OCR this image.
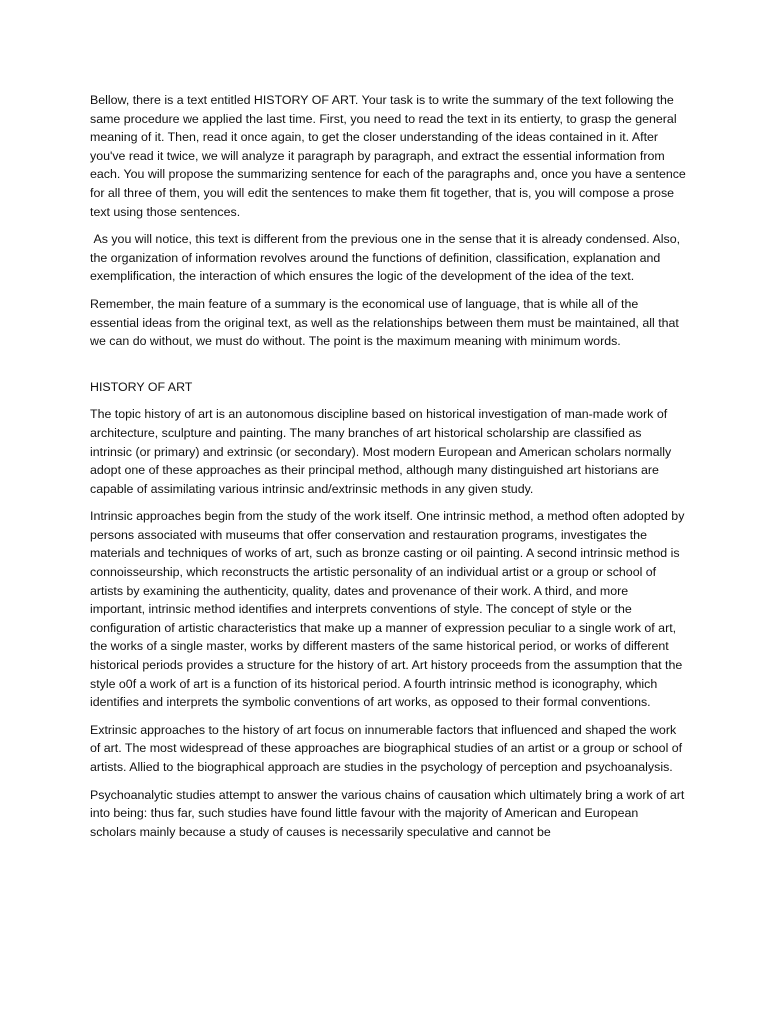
Bellow, there is a text entitled HISTORY OF ART. Your task is to write the summary of the text following the same procedure we applied the last time. First, you need to read the text in its entierty, to grasp the general meaning of it. Then, read it once again, to get the closer understanding of the ideas contained in it. After you've read it twice, we will analyze it paragraph by paragraph, and extract the essential information from each. You will propose the summarizing sentence for each of the paragraphs and, once you have a sentence for all three of them, you will edit the sentences to make them fit together, that is, you will compose a prose text using those sentences.

As you will notice, this text is different from the previous one in the sense that it is already condensed. Also, the organization of information revolves around the functions of definition, classification, explanation and exemplification, the interaction of which ensures the logic of the development of the idea of the text.

Remember, the main feature of a summary is the economical use of language, that is while all of the essential ideas from the original text, as well as the relationships between them must be maintained, all that we can do without, we must do without. The point is the maximum meaning with minimum words.

HISTORY OF ART

The topic history of art is an autonomous discipline based on historical investigation of man-made work of architecture, sculpture and painting. The many branches of art historical scholarship are classified as intrinsic (or primary) and extrinsic (or secondary). Most modern European and American scholars normally adopt one of these approaches as their principal method, although many distinguished art historians are capable of assimilating various intrinsic and/extrinsic methods in any given study.

Intrinsic approaches begin from the study of the work itself. One intrinsic method, a method often adopted by persons associated with museums that offer conservation and restauration programs, investigates the materials and techniques of works of art, such as bronze casting or oil painting. A second intrinsic method is connoisseurship, which reconstructs the artistic personality of an individual artist or a group or school of artists by examining the authenticity, quality, dates and provenance of their work. A third, and more important, intrinsic method identifies and interprets conventions of style. The concept of style or the configuration of artistic characteristics that make up a manner of expression peculiar to a single work of art, the works of a single master, works by different masters of the same historical period, or works of different historical periods provides a structure for the history of art. Art history proceeds from the assumption that the style o0f a work of art is a function of its historical period. A fourth intrinsic method is iconography, which identifies and interprets the symbolic conventions of art works, as opposed to their formal conventions.

Extrinsic approaches to the history of art focus on innumerable factors that influenced and shaped the work of art. The most widespread of these approaches are biographical studies of an artist or a group or school of artists. Allied to the biographical approach are studies in the psychology of perception and psychoanalysis.

Psychoanalytic studies attempt to answer the various chains of causation which ultimately bring a work of art into being: thus far, such studies have found little favour with the majority of American and European scholars mainly because a study of causes is necessarily speculative and cannot be
